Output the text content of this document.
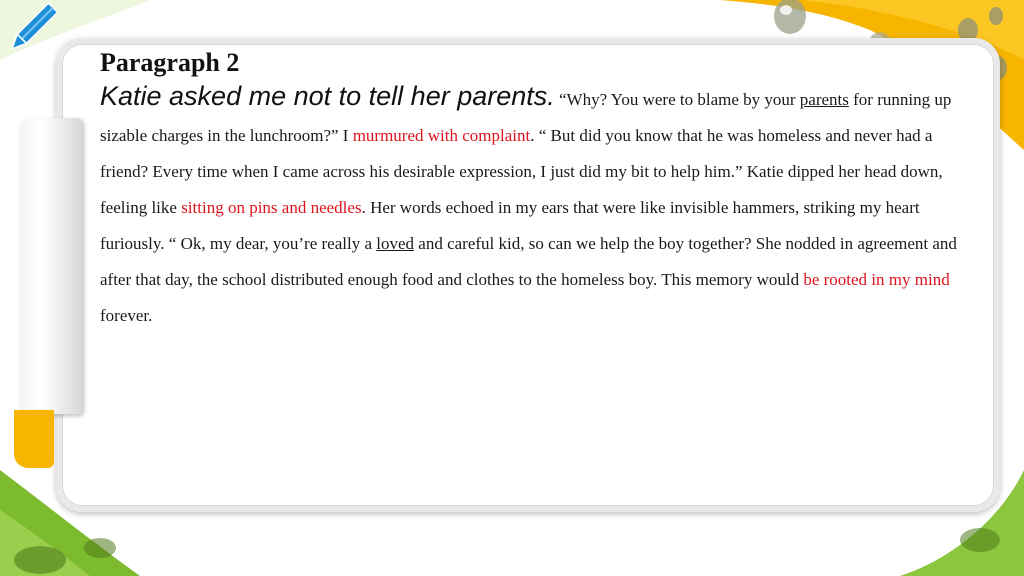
Paragraph 2
Katie asked me not to tell her parents. “Why? You were to blame by your parents for running up sizable charges in the lunchroom?” I murmured with complaint. “ But did you know that he was homeless and never had a friend? Every time when I came across his desirable expression, I just did my bit to help him.” Katie dipped her head down, feeling like sitting on pins and needles. Her words echoed in my ears that were like invisible hammers, striking my heart furiously. “ Ok, my dear, you’re really a loved and careful kid, so can we help the boy together? She nodded in agreement and after that day, the school distributed enough food and clothes to the homeless boy. This memory would be rooted in my mind forever.
